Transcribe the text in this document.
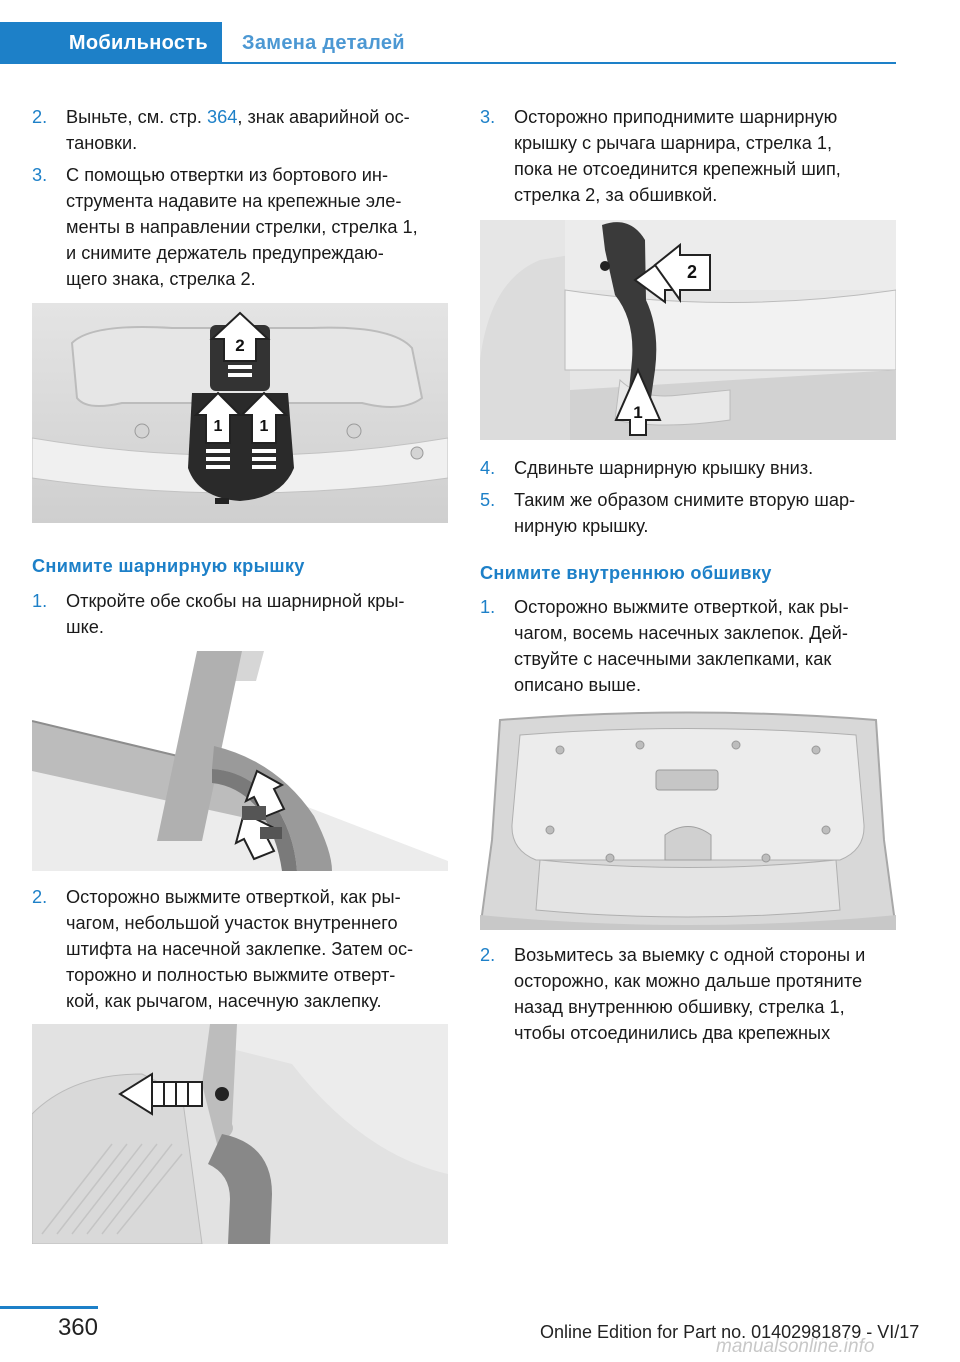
Мобильность	Замена деталей
2. Выньте, см. стр. 364, знак аварийной ос‐
тановки.
3. С помощью отвертки из бортового ин‐
струмента надавите на крепежные эле‐
менты в направлении стрелки, стрелка 1,
и снимите держатель предупреждаю‐
щего знака, стрелка 2.
2
1 1
Снимите шарнирную крышку
1. Откройте обе скобы на шарнирной кры‐
шке.
2. Осторожно выжмите отверткой, как ры‐
чагом, небольшой участок внутреннего
штифта на насечной заклепке. Затем ос‐
торожно и полностью выжмите отверт‐
кой, как рычагом, насечную заклепку.
3. Осторожно приподнимите шарнирную
крышку с рычага шарнира, стрелка 1,
пока не отсоединится крепежный шип,
стрелка 2, за обшивкой.
2
1
4. Сдвиньте шарнирную крышку вниз.
5. Таким же образом снимите вторую шар‐
нирную крышку.
Снимите внутреннюю обшивку
1. Осторожно выжмите отверткой, как ры‐
чагом, восемь насечных заклепок. Дей‐
ствуйте с насечными заклепками, как
описано выше.
2. Возьмитесь за выемку с одной стороны и
осторожно, как можно дальше протяните
назад внутреннюю обшивку, стрелка 1,
чтобы отсоединились два крепежных
360	Online Edition for Part no. 01402981879 - VI/17
manualsonline.info
